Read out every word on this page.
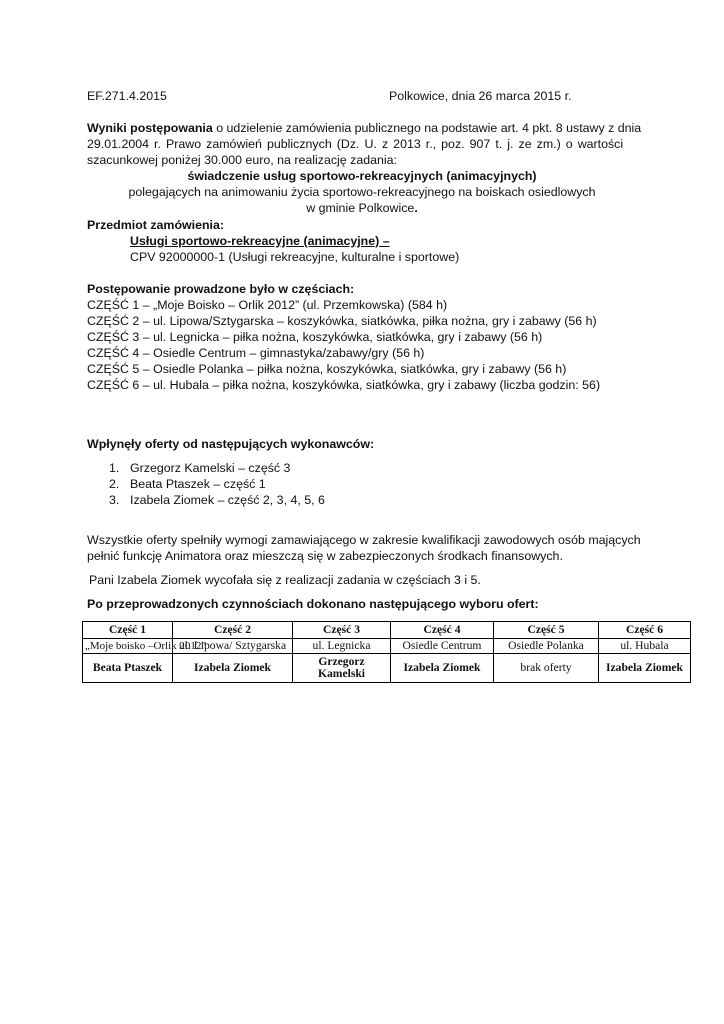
EF.271.4.2015	Polkowice, dnia 26 marca 2015 r.
Wyniki postępowania o udzielenie zamówienia publicznego na podstawie art. 4 pkt. 8 ustawy z dnia
29.01.2004 r. Prawo zamówień publicznych (Dz. U. z 2013 r., poz. 907 t. j. ze zm.) o wartości
szacunkowej poniżej 30.000 euro, na realizację zadania:
świadczenie usług sportowo-rekreacyjnych (animacyjnych)
polegających na animowaniu życia sportowo-rekreacyjnego na boiskach osiedlowych
w gminie Polkowice.
Przedmiot zamówienia:
Usługi sportowo-rekreacyjne (animacyjne) –
CPV 92000000-1 (Usługi rekreacyjne, kulturalne i sportowe)
Postępowanie prowadzone było w częściach:
CZĘŚĆ 1 – „Moje Boisko – Orlik 2012” (ul. Przemkowska) (584 h)
CZĘŚĆ 2 – ul. Lipowa/Sztygarska – koszykówka, siatkówka, piłka nożna, gry i zabawy (56 h)
CZĘŚĆ 3 – ul. Legnicka – piłka nożna, koszykówka, siatkówka, gry i zabawy (56 h)
CZĘŚĆ 4 – Osiedle Centrum – gimnastyka/zabawy/gry (56 h)
CZĘŚĆ 5 – Osiedle Polanka – piłka nożna, koszykówka, siatkówka, gry i zabawy (56 h)
CZĘŚĆ 6 – ul. Hubala – piłka nożna, koszykówka, siatkówka, gry i zabawy (liczba godzin: 56)
Wpłynęły oferty od następujących wykonawców:
1. Grzegorz Kamelski – część 3
2. Beata Ptaszek – część 1
3. Izabela Ziomek – część 2, 3, 4, 5, 6
Wszystkie oferty spełniły wymogi zamawiającego w zakresie kwalifikacji zawodowych osób mających
pełnić funkcję Animatora oraz mieszczą się w zabezpieczonych środkach finansowych.
Pani Izabela Ziomek wycofała się z realizacji zadania w częściach 3 i 5.
Po przeprowadzonych czynnościach dokonano następującego wyboru ofert:
Część 1	Część 2	Część 3	Część 4	Część 5	Część 6
„Moje boisko –Orlik 2012”	ul. Lipowa/ Sztygarska	ul. Legnicka	Osiedle Centrum	Osiedle Polanka	ul. Hubala
Beata Ptaszek	Izabela Ziomek	Grzegorz Kamelski	Izabela Ziomek	brak oferty	Izabela Ziomek
